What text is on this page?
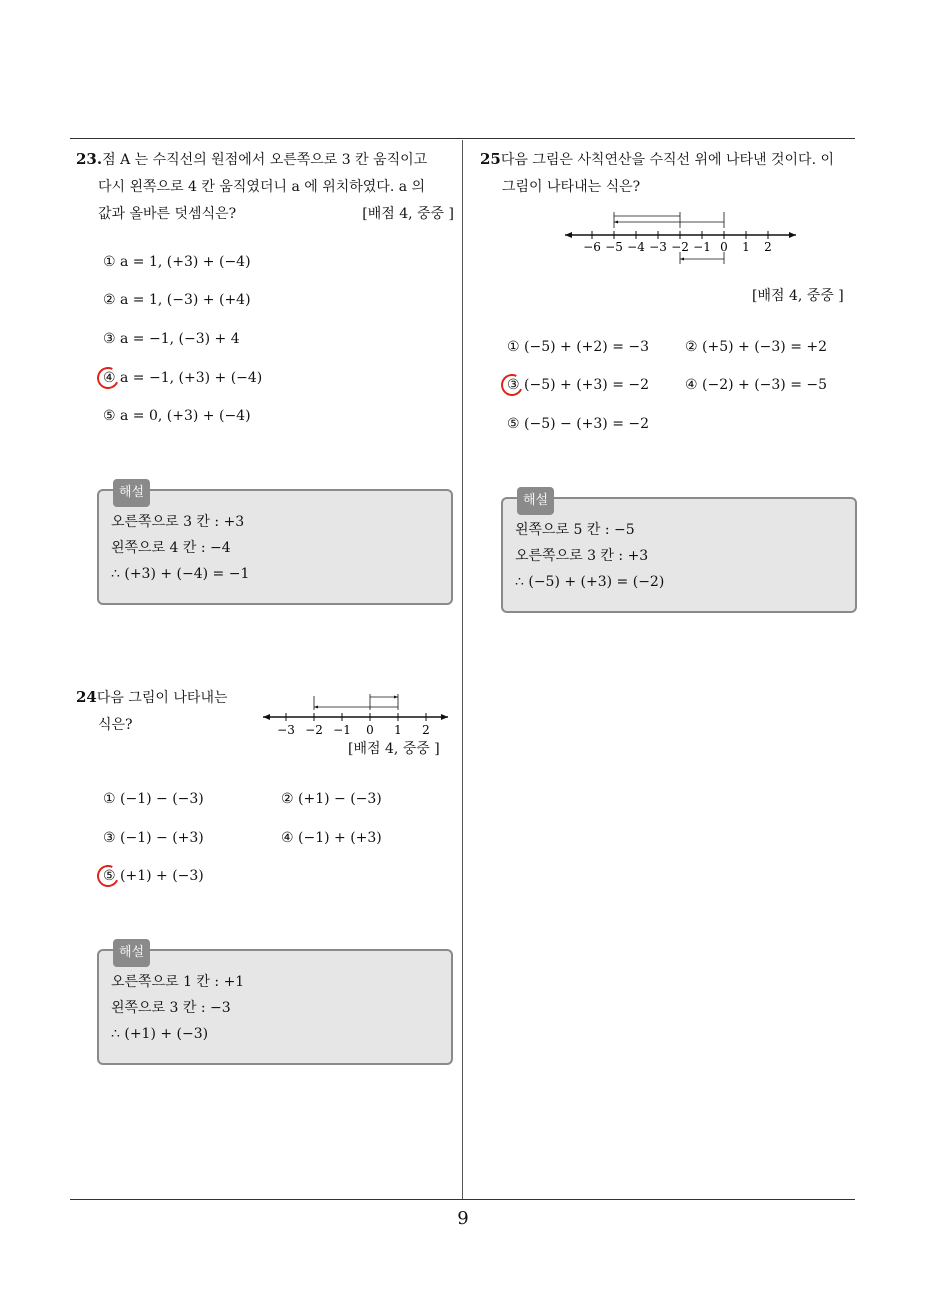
23.점 A 는 수직선의 원점에서 오른쪽으로 3 칸 움직이고
다시 왼쪽으로 4 칸 움직였더니 a 에 위치하였다. a 의
값과 올바른 덧셈식은?	[배점 4, 중중 ]
① a = 1, (+3) + (−4)
② a = 1, (−3) + (+4)
③ a = −1, (−3) + 4
④ a = −1, (+3) + (−4)
⑤ a = 0, (+3) + (−4)
해설
오른쪽으로 3 칸 : +3
왼쪽으로 4 칸 : −4
∴ (+3) + (−4) = −1
24다음 그림이 나타내는
식은?
[배점 4, 중중 ]
−3 −2 −1 0 1 2
① (−1) − (−3)	② (+1) − (−3)
③ (−1) − (+3)	④ (−1) + (+3)
⑤ (+1) + (−3)
해설
오른쪽으로 1 칸 : +1
왼쪽으로 3 칸 : −3
∴ (+1) + (−3)
25다음 그림은 사칙연산을 수직선 위에 나타낸 것이다. 이
그림이 나타내는 식은?
−6 −5 −4 −3 −2 −1 0 1 2
[배점 4, 중중 ]
① (−5) + (+2) = −3	② (+5) + (−3) = +2
③ (−5) + (+3) = −2	④ (−2) + (−3) = −5
⑤ (−5) − (+3) = −2
해설
왼쪽으로 5 칸 : −5
오른쪽으로 3 칸 : +3
∴ (−5) + (+3) = (−2)
9
